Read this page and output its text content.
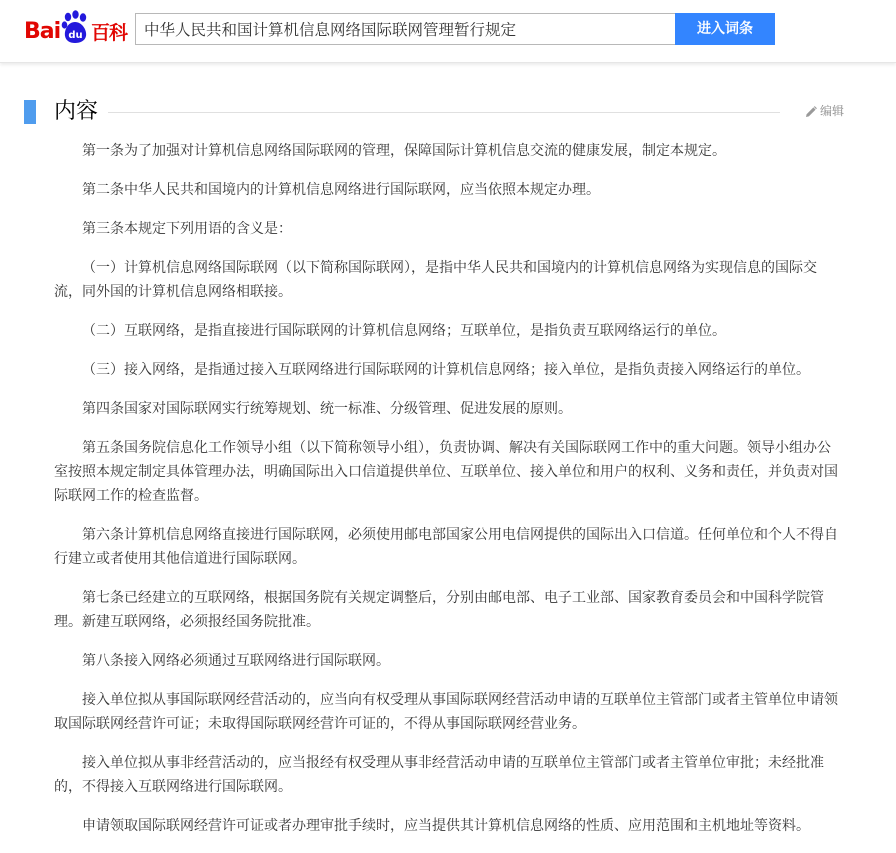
Bai du 百科
中华人民共和国计算机信息网络国际联网管理暂行规定	进入词条
内容	编辑

第一条为了加强对计算机信息网络国际联网的管理，保障国际计算机信息交流的健康发展，制定本规定。

第二条中华人民共和国境内的计算机信息网络进行国际联网，应当依照本规定办理。

第三条本规定下列用语的含义是：

（一）计算机信息网络国际联网（以下简称国际联网），是指中华人民共和国境内的计算机信息网络为实现信息的国际交流，同外国的计算机信息网络相联接。

（二）互联网络，是指直接进行国际联网的计算机信息网络；互联单位，是指负责互联网络运行的单位。

（三）接入网络，是指通过接入互联网络进行国际联网的计算机信息网络；接入单位，是指负责接入网络运行的单位。

第四条国家对国际联网实行统筹规划、统一标准、分级管理、促进发展的原则。

第五条国务院信息化工作领导小组（以下简称领导小组），负责协调、解决有关国际联网工作中的重大问题。领导小组办公室按照本规定制定具体管理办法，明确国际出入口信道提供单位、互联单位、接入单位和用户的权利、义务和责任，并负责对国际联网工作的检查监督。

第六条计算机信息网络直接进行国际联网，必须使用邮电部国家公用电信网提供的国际出入口信道。任何单位和个人不得自行建立或者使用其他信道进行国际联网。

第七条已经建立的互联网络，根据国务院有关规定调整后，分别由邮电部、电子工业部、国家教育委员会和中国科学院管理。新建互联网络，必须报经国务院批准。

第八条接入网络必须通过互联网络进行国际联网。

接入单位拟从事国际联网经营活动的，应当向有权受理从事国际联网经营活动申请的互联单位主管部门或者主管单位申请领取国际联网经营许可证；未取得国际联网经营许可证的，不得从事国际联网经营业务。

接入单位拟从事非经营活动的，应当报经有权受理从事非经营活动申请的互联单位主管部门或者主管单位审批；未经批准的，不得接入互联网络进行国际联网。

申请领取国际联网经营许可证或者办理审批手续时，应当提供其计算机信息网络的性质、应用范围和主机地址等资料。
